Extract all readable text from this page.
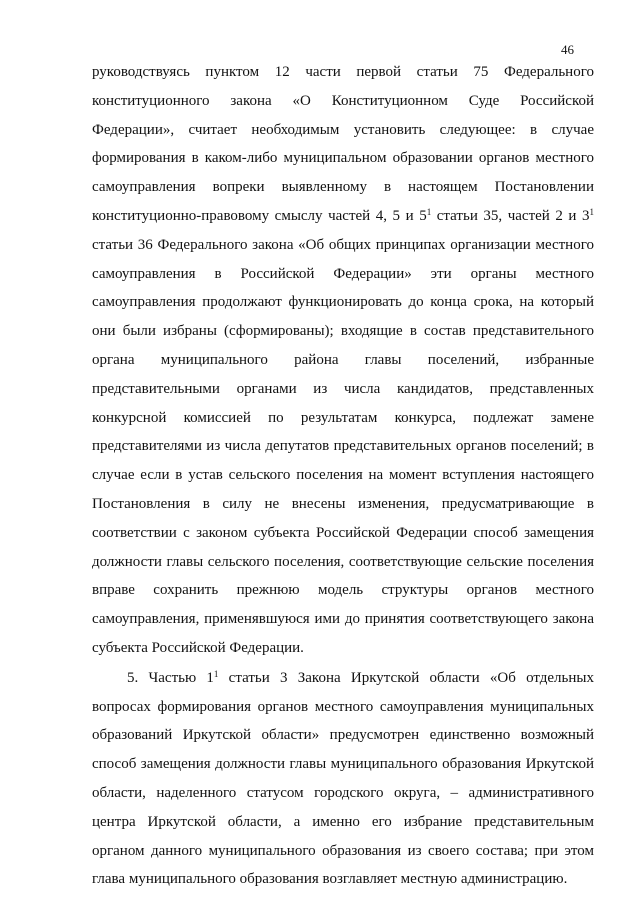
46
руководствуясь пунктом 12 части первой статьи 75 Федерального
конституционного закона «О Конституционном Суде Российской
Федерации», считает необходимым установить следующее: в случае
формирования в каком-либо муниципальном образовании органов местного
самоуправления вопреки выявленному в настоящем Постановлении
конституционно-правовому смыслу частей 4, 5 и 5$^1$ статьи 35, частей 2 и 3$^1$
статьи 36 Федерального закона «Об общих принципах организации местного
самоуправления в Российской Федерации» эти органы местного
самоуправления продолжают функционировать до конца срока, на который
они были избраны (сформированы); входящие в состав представительного
органа муниципального района главы поселений, избранные
представительными органами из числа кандидатов, представленных
конкурсной комиссией по результатам конкурса, подлежат замене
представителями из числа депутатов представительных органов поселений; в
случае если в устав сельского поселения на момент вступления настоящего
Постановления в силу не внесены изменения, предусматривающие в
соответствии с законом субъекта Российской Федерации способ замещения
должности главы сельского поселения, соответствующие сельские поселения
вправе сохранить прежнюю модель структуры органов местного
самоуправления, применявшуюся ими до принятия соответствующего закона
субъекта Российской Федерации.
5. Частью 1$^1$ статьи 3 Закона Иркутской области «Об отдельных
вопросах формирования органов местного самоуправления муниципальных
образований Иркутской области» предусмотрен единственно возможный
способ замещения должности главы муниципального образования Иркутской
области, наделенного статусом городского округа, – административного
центра Иркутской области, а именно его избрание представительным
органом данного муниципального образования из своего состава; при этом
глава муниципального образования возглавляет местную администрацию.
